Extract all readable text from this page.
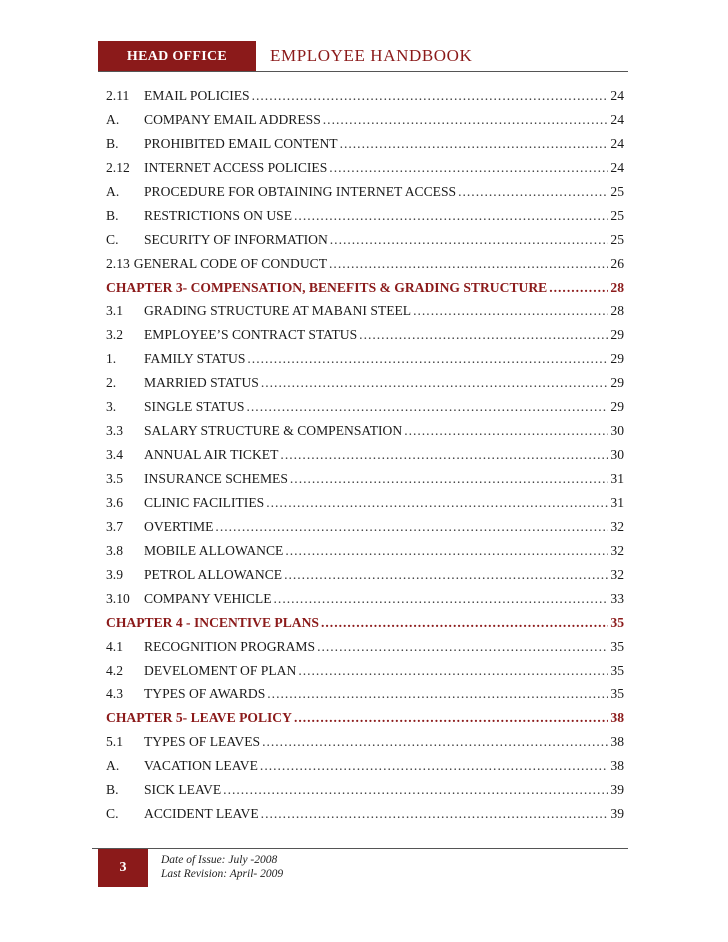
HEAD OFFICE	EMPLOYEE HANDBOOK
2.11	EMAIL POLICIES .....	24
A.	COMPANY EMAIL ADDRESS .....	24
B.	PROHIBITED EMAIL CONTENT .....	24
2.12	INTERNET ACCESS POLICIES .....	24
A.	PROCEDURE FOR OBTAINING INTERNET ACCESS .....	25
B.	RESTRICTIONS ON USE .....	25
C.	SECURITY OF INFORMATION .....	25
2.13 GENERAL CODE OF CONDUCT .....	26
CHAPTER 3- COMPENSATION, BENEFITS & GRADING STRUCTURE .....	28
3.1	GRADING STRUCTURE AT MABANI STEEL .....	28
3.2	EMPLOYEE’S CONTRACT STATUS .....	29
1.	FAMILY STATUS .....	29
2.	MARRIED STATUS .....	29
3.	SINGLE STATUS .....	29
3.3	SALARY STRUCTURE & COMPENSATION .....	30
3.4	ANNUAL AIR TICKET .....	30
3.5	INSURANCE SCHEMES .....	31
3.6	CLINIC FACILITIES .....	31
3.7	OVERTIME .....	32
3.8	MOBILE ALLOWANCE .....	32
3.9	PETROL ALLOWANCE .....	32
3.10	COMPANY VEHICLE .....	33
CHAPTER 4 - INCENTIVE PLANS .....	35
4.1	RECOGNITION PROGRAMS .....	35
4.2	DEVELOMENT OF PLAN .....	35
4.3	TYPES OF AWARDS .....	35
CHAPTER 5- LEAVE POLICY .....	38
5.1	TYPES OF LEAVES .....	38
A.	VACATION LEAVE .....	38
B.	SICK LEAVE .....	39
C.	ACCIDENT LEAVE .....	39
3	Date of Issue: July -2008
Last Revision: April- 2009
